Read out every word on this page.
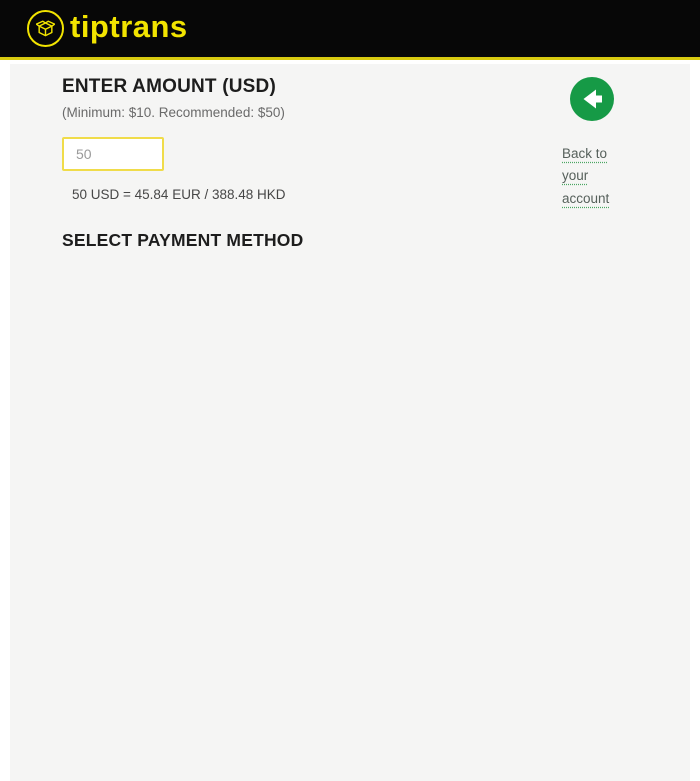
tiptrans
ENTER AMOUNT (USD)
(Minimum: $10. Recommended: $50)
50
50 USD = 45.84 EUR / 388.48 HKD
Back to your account
SELECT PAYMENT METHOD
